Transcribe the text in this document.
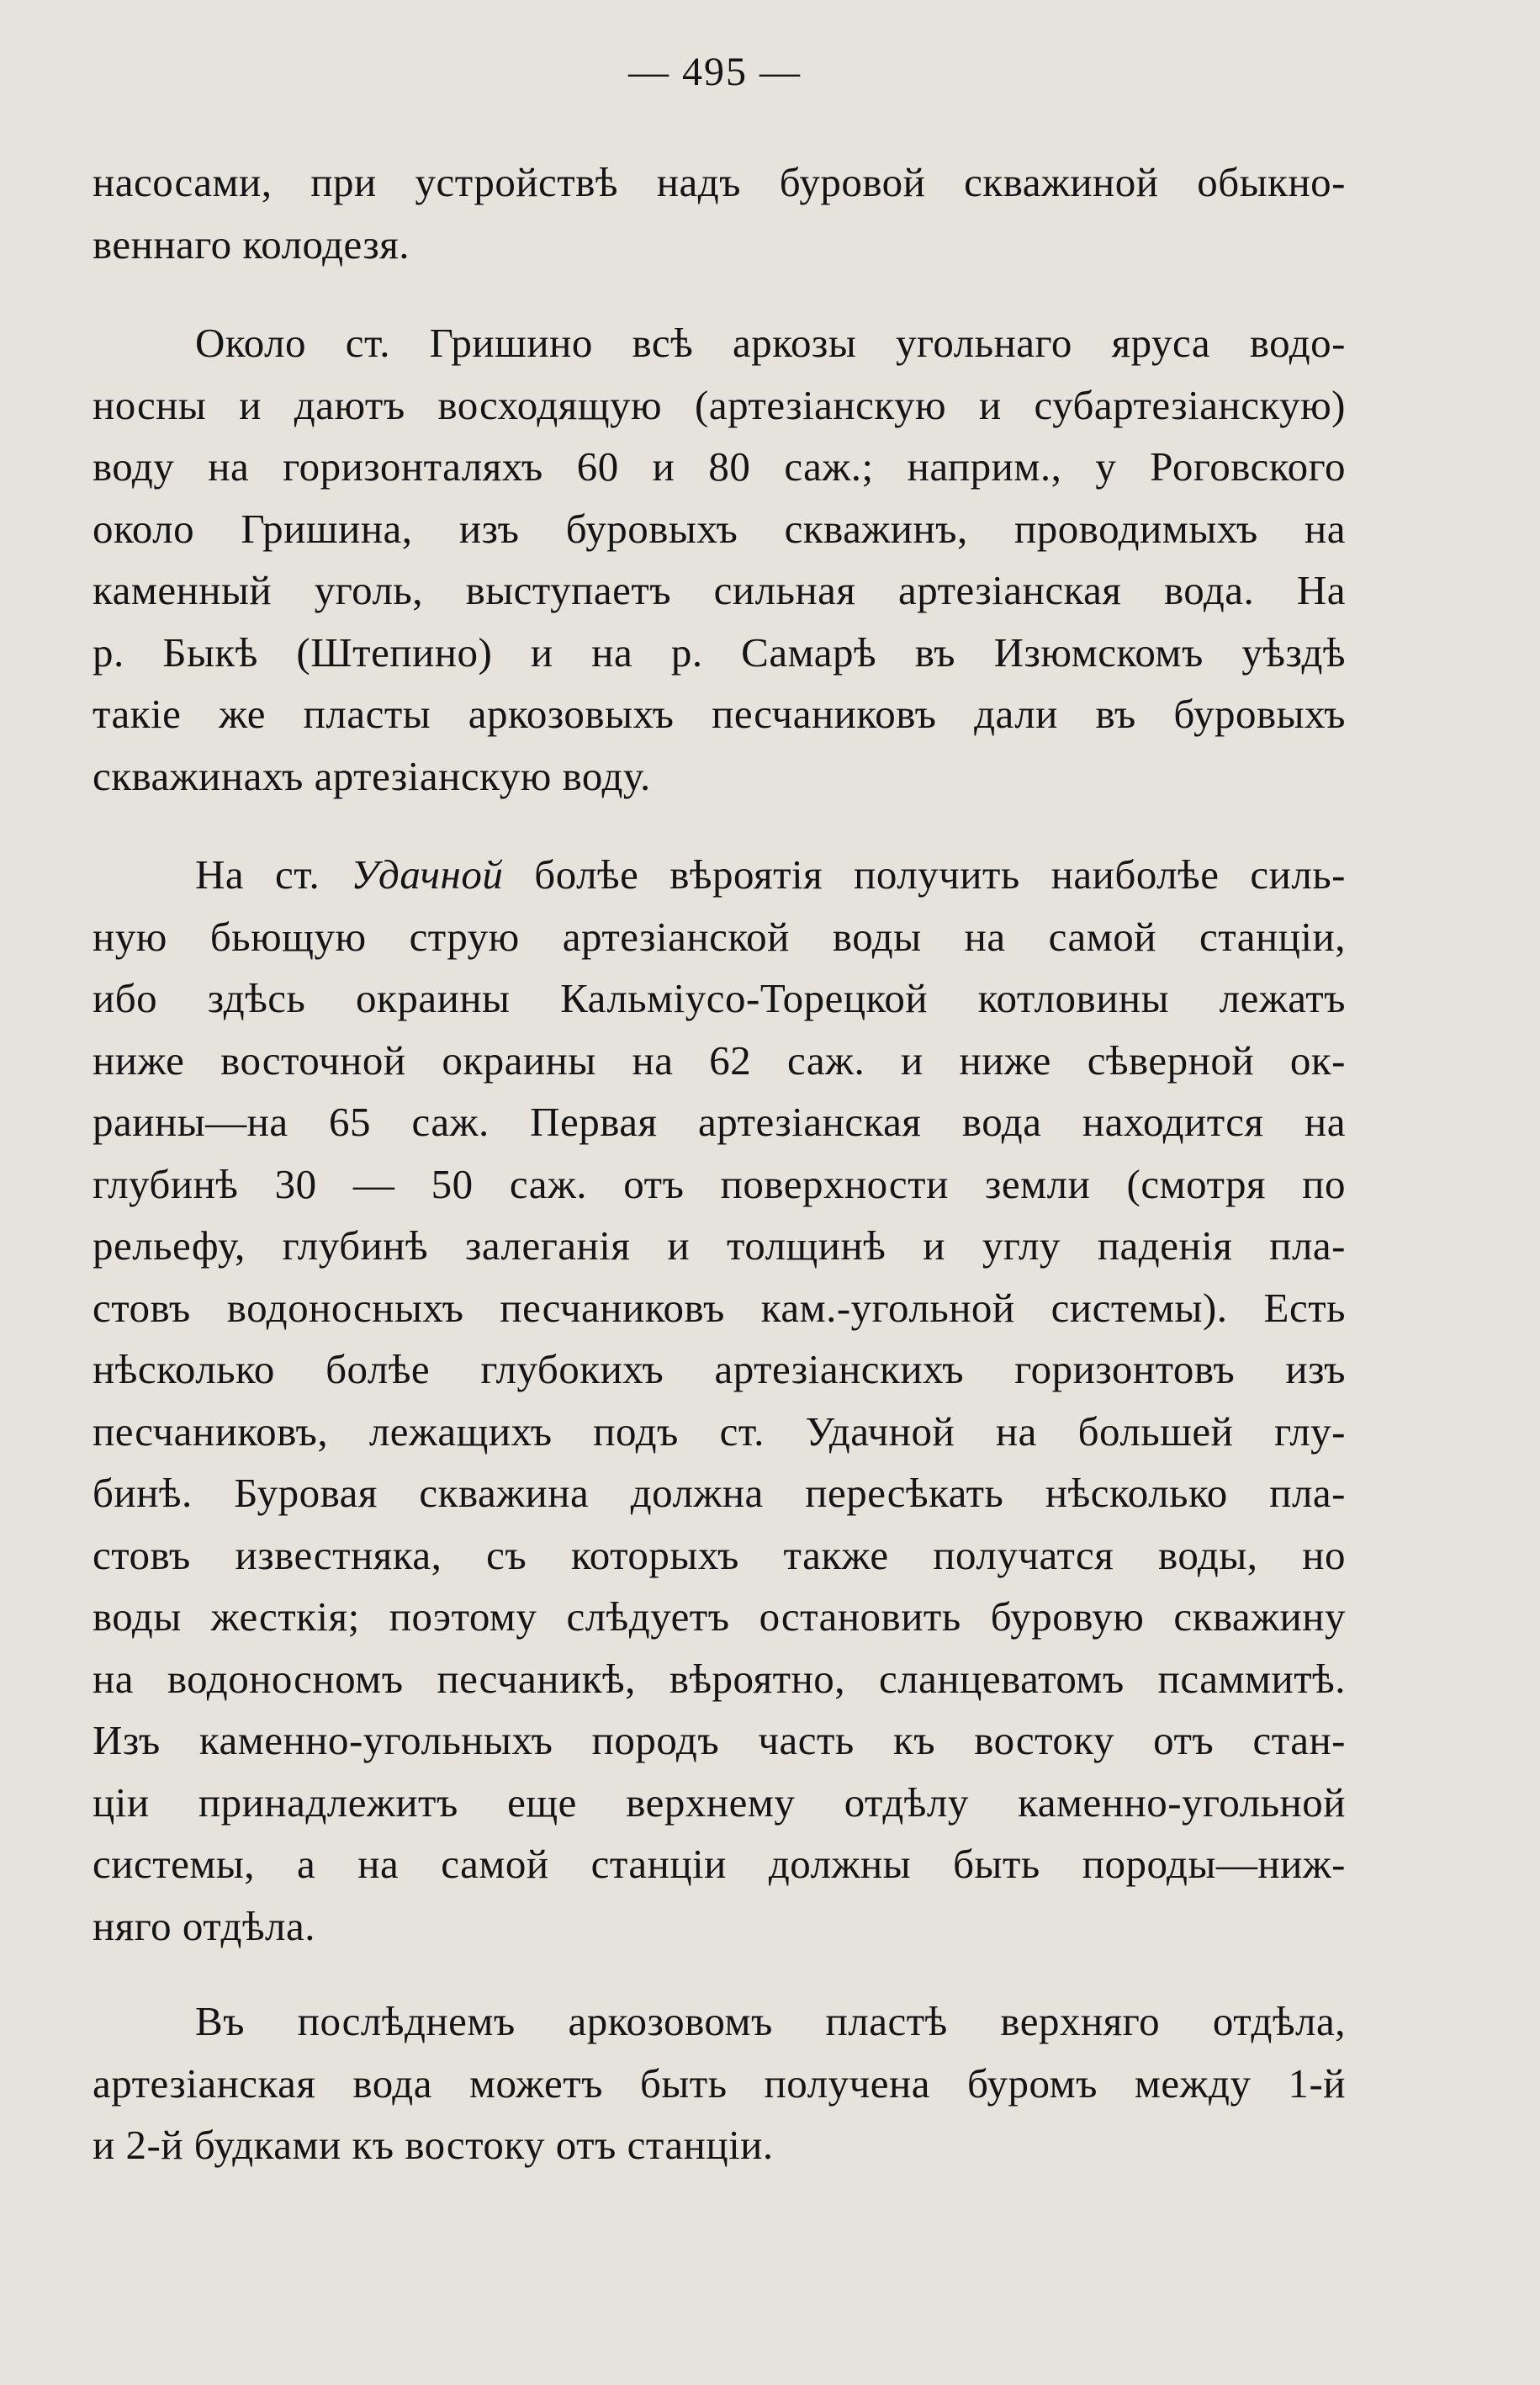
— 495 —

насосами, при устройствѣ надъ буровой скважиной обыкно-
веннаго колодезя.

Около ст. Гришино всѣ аркозы угольнаго яруса водо-
носны и даютъ восходящую (артезіанскую и субартезіанскую)
воду на горизонталяхъ 60 и 80 саж.; наприм., у Роговского
около Гришина, изъ буровыхъ скважинъ, проводимыхъ на
каменный уголь, выступаетъ сильная артезіанская вода. На
р. Быкѣ (Штепино) и на р. Самарѣ въ Изюмскомъ уѣздѣ
такіе же пласты аркозовыхъ песчаниковъ дали въ буровыхъ
скважинахъ артезіанскую воду.

На ст. Удачной болѣе вѣроятія получить наиболѣе силь-
ную бьющую струю артезіанской воды на самой станціи,
ибо здѣсь окраины Кальміусо-Торецкой котловины лежатъ
ниже восточной окраины на 62 саж. и ниже сѣверной ок-
раины—на 65 саж. Первая артезіанская вода находится на
глубинѣ 30 — 50 саж. отъ поверхности земли (смотря по
рельефу, глубинѣ залеганія и толщинѣ и углу паденія пла-
стовъ водоносныхъ песчаниковъ кам.-угольной системы). Есть
нѣсколько болѣе глубокихъ артезіанскихъ горизонтовъ изъ
песчаниковъ, лежащихъ подъ ст. Удачной на большей глу-
бинѣ. Буровая скважина должна пересѣкать нѣсколько пла-
стовъ известняка, съ которыхъ также получатся воды, но
воды жесткія; поэтому слѣдуетъ остановить буровую скважину
на водоносномъ песчаникѣ, вѣроятно, сланцеватомъ псаммитѣ.
Изъ каменно-угольныхъ породъ часть къ востоку отъ стан-
ціи принадлежитъ еще верхнему отдѣлу каменно-угольной
системы, а на самой станціи должны быть породы—ниж-
няго отдѣла.

Въ послѣднемъ аркозовомъ пластѣ верхняго отдѣла,
артезіанская вода можетъ быть получена буромъ между 1-й
и 2-й будками къ востоку отъ станціи.
